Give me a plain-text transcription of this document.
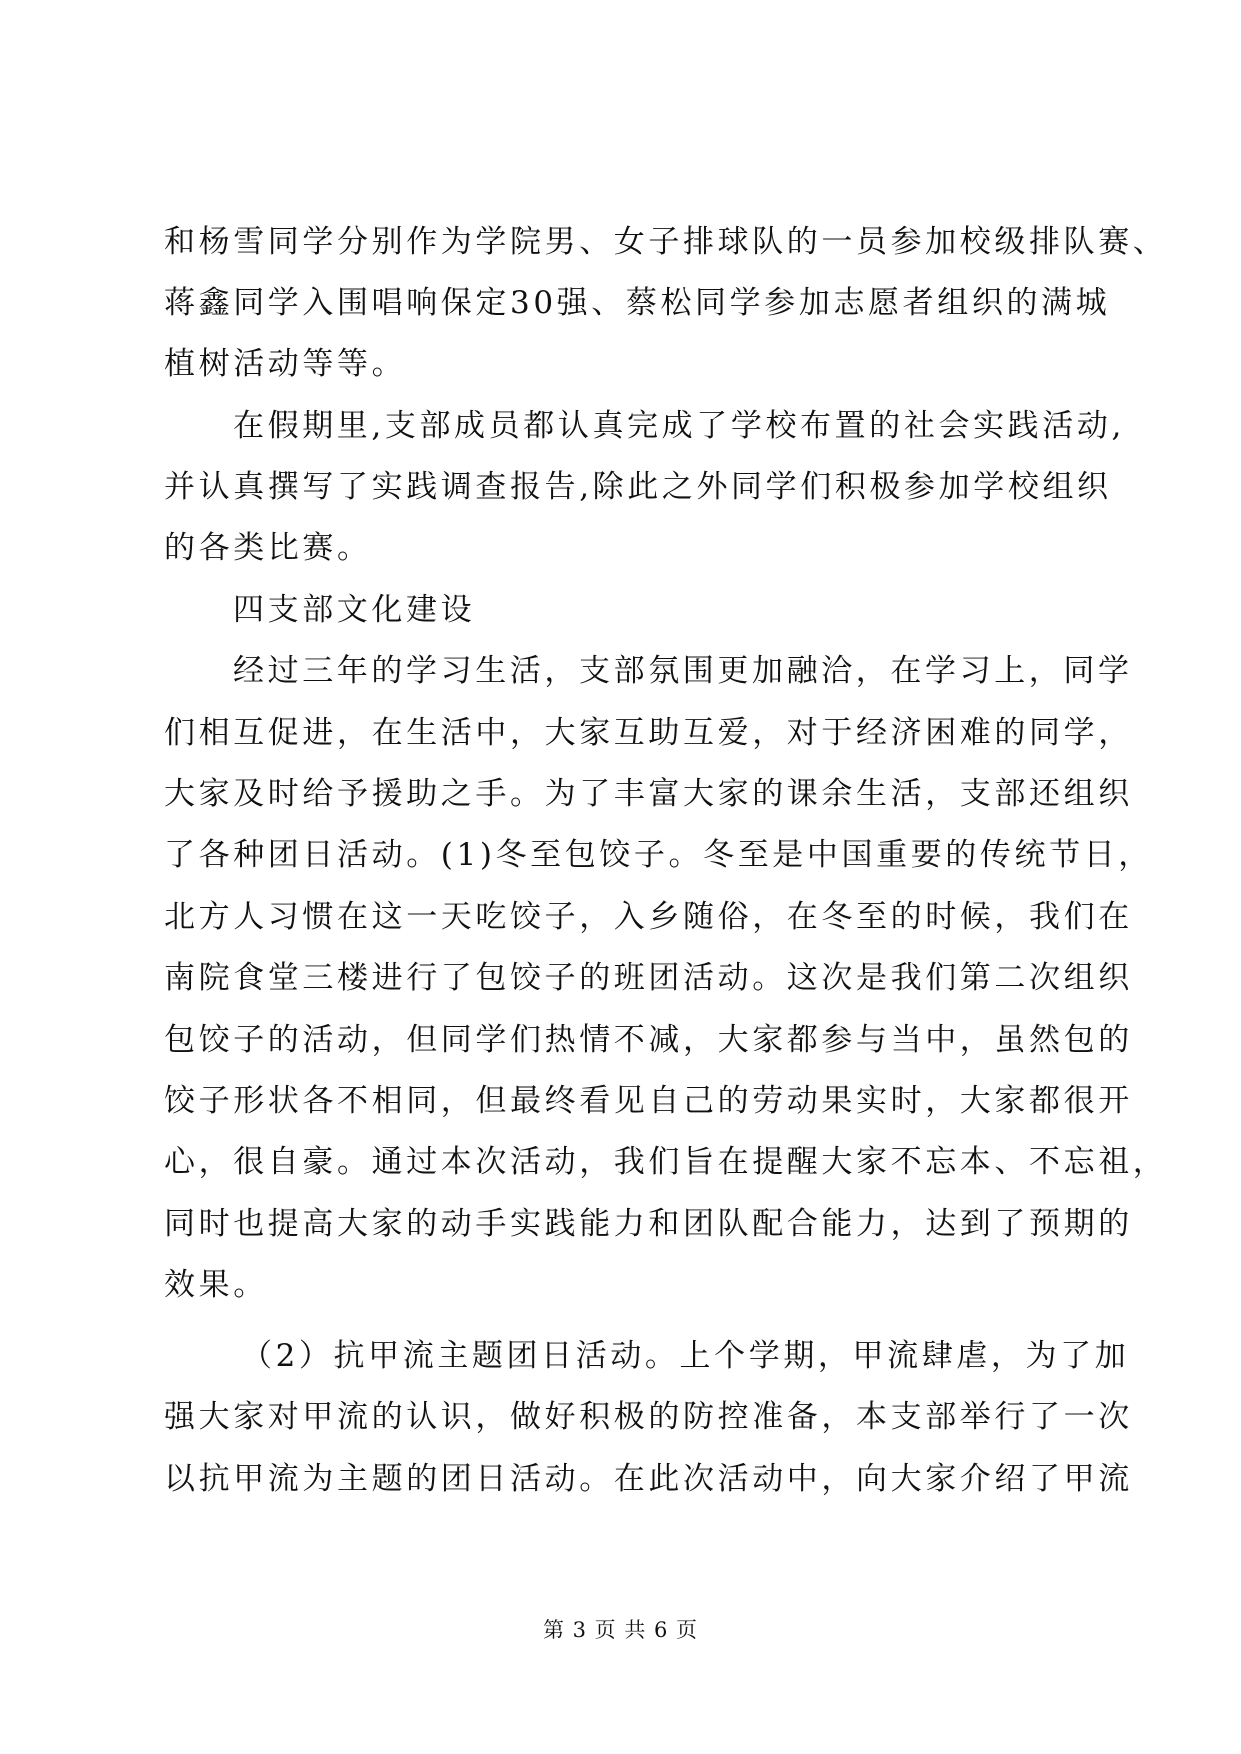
和杨雪同学分别作为学院男、女子排球队的一员参加校级排队赛、
蒋鑫同学入围唱响保定30强、蔡松同学参加志愿者组织的满城
植树活动等等。
在假期里,支部成员都认真完成了学校布置的社会实践活动,
并认真撰写了实践调查报告,除此之外同学们积极参加学校组织
的各类比赛。
四支部文化建设
经过三年的学习生活，支部氛围更加融洽，在学习上，同学
们相互促进，在生活中，大家互助互爱，对于经济困难的同学，
大家及时给予援助之手。为了丰富大家的课余生活，支部还组织
了各种团日活动。(1)冬至包饺子。冬至是中国重要的传统节日，
北方人习惯在这一天吃饺子，入乡随俗，在冬至的时候，我们在
南院食堂三楼进行了包饺子的班团活动。这次是我们第二次组织
包饺子的活动，但同学们热情不减，大家都参与当中，虽然包的
饺子形状各不相同，但最终看见自己的劳动果实时，大家都很开
心，很自豪。通过本次活动，我们旨在提醒大家不忘本、不忘祖，
同时也提高大家的动手实践能力和团队配合能力，达到了预期的
效果。
（2）抗甲流主题团日活动。上个学期，甲流肆虐，为了加
强大家对甲流的认识，做好积极的防控准备，本支部举行了一次
以抗甲流为主题的团日活动。在此次活动中，向大家介绍了甲流
第 3 页 共 6 页
